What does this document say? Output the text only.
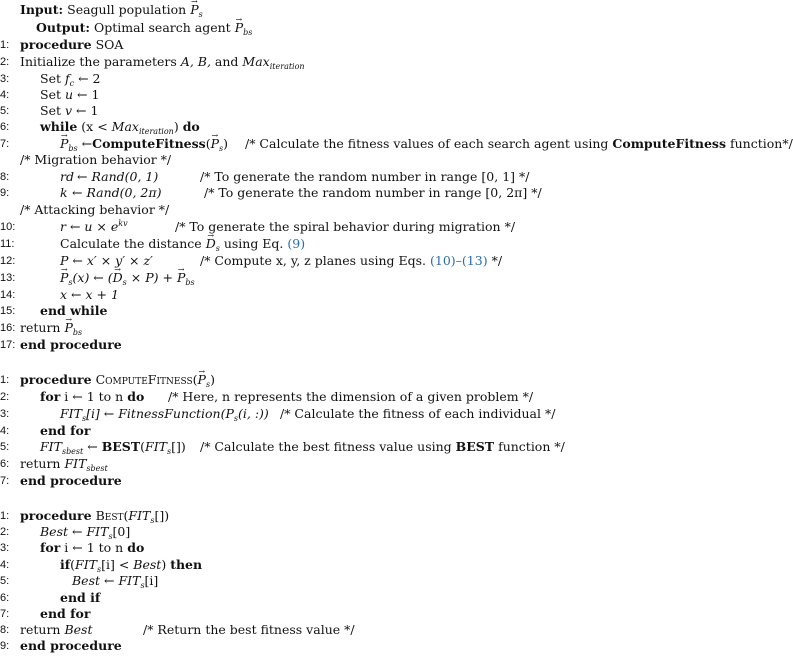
Input: Seagull population → $P_s$
Output: Optimal search agent → $P_{bs}$
1: procedure SOA
2: Initialize the parameters A, B, and Max$_{iteration}$
3:	Set $f_c$ ← 2
4:	Set u ← 1
5:	Set v ← 1
6:	while (x < Max$_{iteration}$) do
7:	→ $P_{bs}$ ←ComputeFitness(→ $P_s$) /* Calculate the fitness values of each search agent using ComputeFitness function*/
/* Migration behavior */
8:	rd ← Rand(0, 1)	/* To generate the random number in range [0, 1] */
9:	k ← Rand(0, 2π)	/* To generate the random number in range [0, 2π] */
/* Attacking behavior */
10:	r ← $u \times e^{kv}$	/* To generate the spiral behavior during migration */
11:	Calculate the distance → $D_s$ using Eq. (9)
12:	P ← x′ × y′ × z′	/* Compute x, y, z planes using Eqs. (10)–(13) */
13:	→ $P_s(x)$ ← (→ $D_s \times P$) + → $P_{bs}$
14:	x ← x + 1
15: end while
16: return → $P_{bs}$
17: end procedure
1: procedure ComputeFitness(→ $P_s$)
2:	for i ← 1 to n do /* Here, n represents the dimension of a given problem */
3:	$FIT_s[i]$ ← $FitnessFunction(P_s(i$, :)) /* Calculate the fitness of each individual */
4:	end for
5:	$FIT_{sbest}$ ← $BEST(FIT_s[])$ /* Calculate the best fitness value using BEST function */
6: return $FIT_{sbest}$
7: end procedure
1: procedure $Best(FIT_s[])$
2:	Best ← $FIT_s[0]$
3:	for i ← 1 to n do
4:	$if(FIT_s[i]$ < Best) then
5:	Best ← $FIT_s[i]$
6:	end if
7:	end for
8: return Best	/* Return the best fitness value */
9: end procedure
